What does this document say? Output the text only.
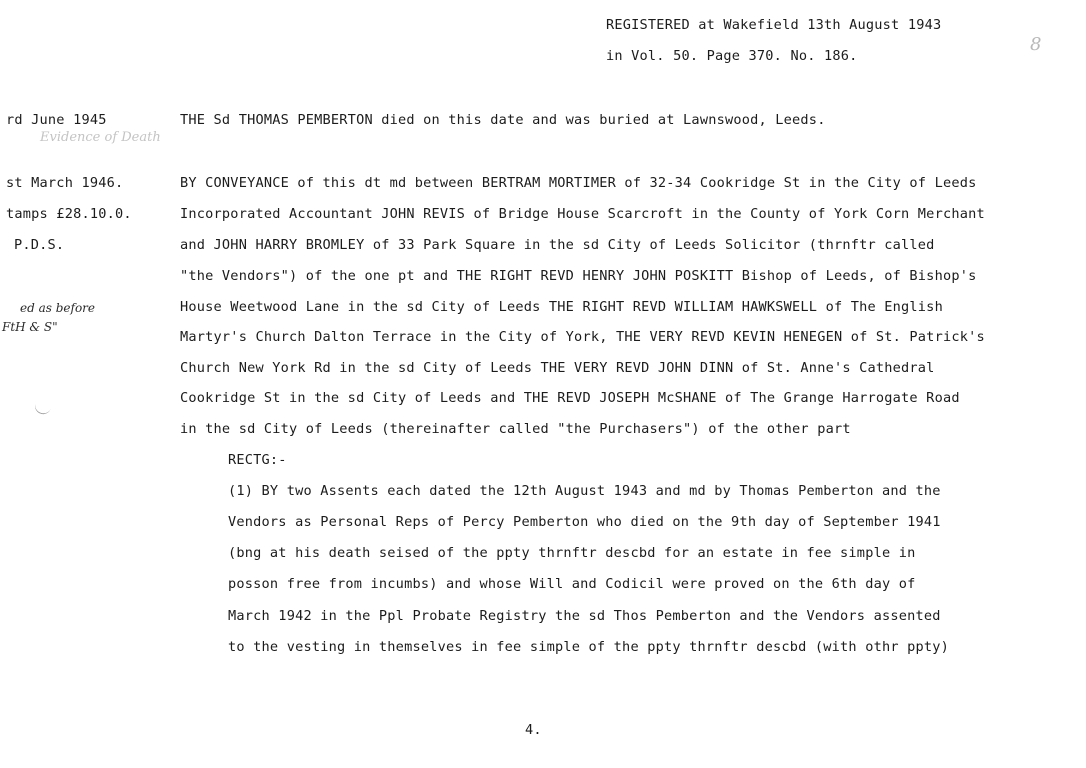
REGISTERED at Wakefield 13th August 1943
in Vol. 50. Page 370. No. 186.
8
rd June 1945
Evidence of Death
st March 1946.
tamps £28.10.0.
P.D.S.
ed as before
FtH & S"
THE Sd THOMAS PEMBERTON died on this date and was buried at Lawnswood, Leeds.
BY CONVEYANCE of this dt md between BERTRAM MORTIMER of 32-34 Cookridge St in the City of Leeds
Incorporated Accountant JOHN REVIS of Bridge House Scarcroft in the County of York Corn Merchant
and JOHN HARRY BROMLEY of 33 Park Square in the sd City of Leeds Solicitor (thrnftr called
"the Vendors") of the one pt and THE RIGHT REVD HENRY JOHN POSKITT Bishop of Leeds, of Bishop's
House Weetwood Lane in the sd City of Leeds THE RIGHT REVD WILLIAM HAWKSWELL of The English
Martyr's Church Dalton Terrace in the City of York, THE VERY REVD KEVIN HENEGEN of St. Patrick's
Church New York Rd in the sd City of Leeds THE VERY REVD JOHN DINN of St. Anne's Cathedral
Cookridge St in the sd City of Leeds and THE REVD JOSEPH McSHANE of The Grange Harrogate Road
in the sd City of Leeds (thereinafter called "the Purchasers") of the other part
RECTG:-
(1) BY two Assents each dated the 12th August 1943 and md by Thomas Pemberton and the
Vendors as Personal Reps of Percy Pemberton who died on the 9th day of September 1941
(bng at his death seised of the ppty thrnftr descbd for an estate in fee simple in
posson free from incumbs) and whose Will and Codicil were proved on the 6th day of
March 1942 in the Ppl Probate Registry the sd Thos Pemberton and the Vendors assented
to the vesting in themselves in fee simple of the ppty thrnftr descbd (with othr ppty)
4.
